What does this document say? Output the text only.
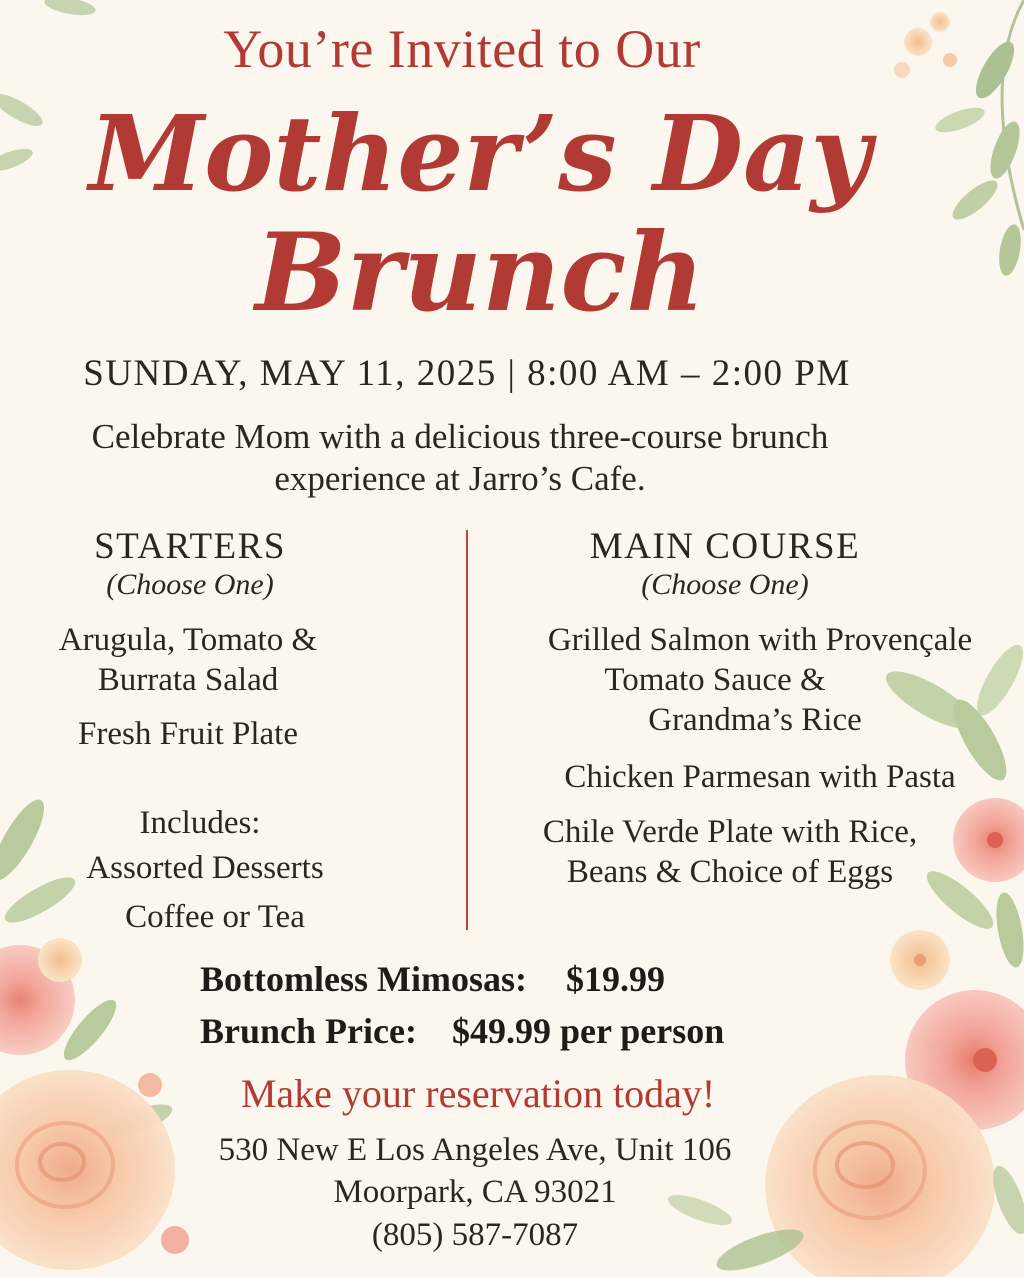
You’re Invited to Our
Mother’s Day
Brunch
SUNDAY, MAY 11, 2025 | 8:00 AM – 2:00 PM
Celebrate Mom with a delicious three-course brunch
experience at Jarro’s Cafe.
STARTERS
(Choose One)
Arugula, Tomato &
Burrata Salad
Fresh Fruit Plate
Includes:
Assorted Desserts
Coffee or Tea
MAIN COURSE
(Choose One)
Grilled Salmon with Provençale
Tomato Sauce &
Grandma’s Rice
Chicken Parmesan with Pasta
Chile Verde Plate with Rice,
Beans & Choice of Eggs
Bottomless Mimosas: $19.99
Brunch Price: $49.99 per person
Make your reservation today!
530 New E Los Angeles Ave, Unit 106
Moorpark, CA 93021
(805) 587-7087
